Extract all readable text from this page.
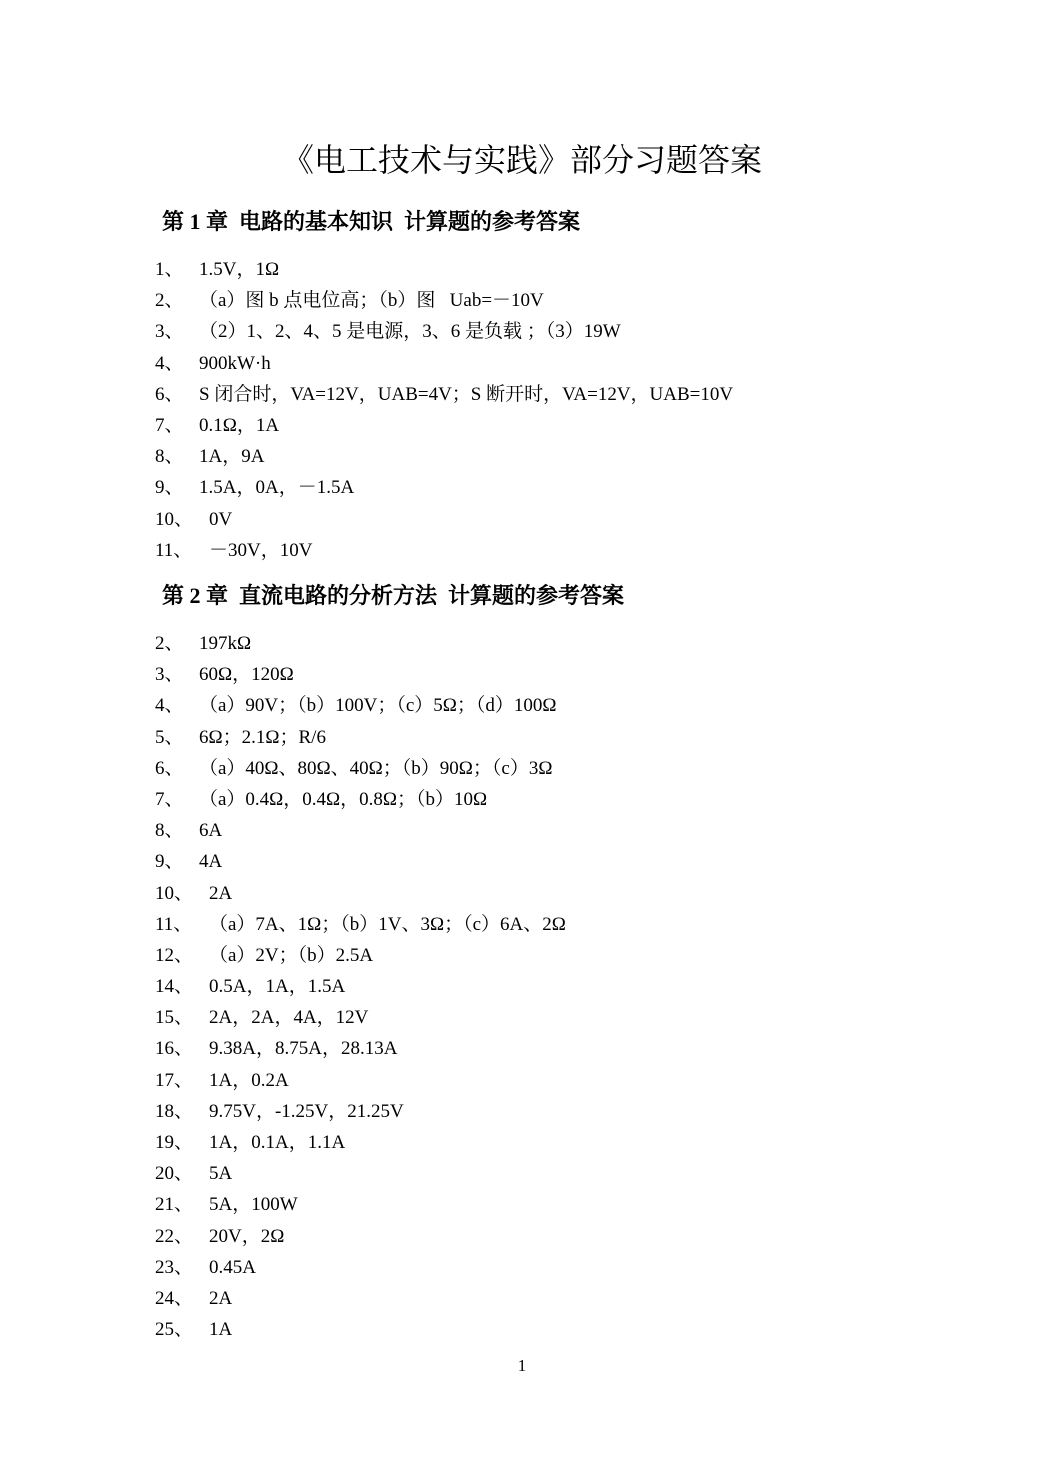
《电工技术与实践》部分习题答案
第 1 章  电路的基本知识  计算题的参考答案
1、 1.5V，1Ω
2、 （a）图 b 点电位高；（b）图   Uab=－10V
3、 （2）1、2、4、5 是电源，3、6 是负载 ；（3）19W
4、 900kW·h
6、 S 闭合时，VA=12V，UAB=4V；S 断开时，VA=12V，UAB=10V
7、 0.1Ω，1A
8、 1A，9A
9、 1.5A，0A，－1.5A
10、 0V
11、 －30V，10V
第 2 章  直流电路的分析方法  计算题的参考答案
2、 197kΩ
3、 60Ω，120Ω
4、 （a）90V；（b）100V；（c）5Ω；（d）100Ω
5、 6Ω；2.1Ω；R/6
6、 （a）40Ω、80Ω、40Ω；（b）90Ω；（c）3Ω
7、 （a）0.4Ω，0.4Ω，0.8Ω；（b）10Ω
8、 6A
9、 4A
10、 2A
11、 （a）7A、1Ω；（b）1V、3Ω；（c）6A、2Ω
12、 （a）2V；（b）2.5A
14、 0.5A，1A，1.5A
15、 2A，2A，4A，12V
16、 9.38A，8.75A，28.13A
17、 1A，0.2A
18、 9.75V，-1.25V，21.25V
19、 1A，0.1A，1.1A
20、 5A
21、 5A，100W
22、 20V，2Ω
23、 0.45A
24、 2A
25、 1A
1
